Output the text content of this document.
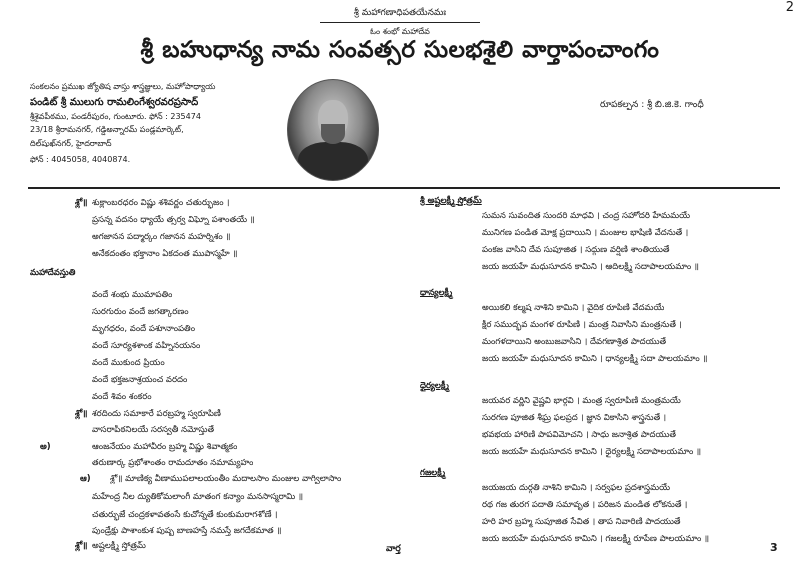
శ్రీ మహాగణాధిపతయేనమః
ఓం శంభో మహాదేవ
శ్రీ బహుధాన్య నామ సంవత్సర సులభశైలి వార్తాపంచాంగం
2
సంకలనం ప్రముఖ జ్యోతిష వాస్తు శాస్త్రజ్ఞులు, మహోపాధ్యాయ
పండిట్ శ్రీ ములుగు రామలింగేశ్వరవరప్రసాద్
శ్రీశైవపీఠము, పండరీపురం, గుంటూరు. ఫోన్ : 235474
23/18 శ్రీరామనగర్, గడ్డిఅన్నారమ్ పండ్లమార్కెట్,
దిల్‌షుఖ్‌నగర్, హైదరాబాద్
ఫోన్ : 4045058, 4040874.
రూపకల్పన : శ్రీ బి.జి.కె. గాంధీ
శ్లో॥ శుక్లాంబరధరం విష్ణు శశివర్ణం చతుర్భుజం ।
ప్రసన్న వదనం ధ్యాయే త్సర్వ విఘ్నో పశాంతయే ॥
అగజానన పద్మార్కం గజానన మహర్నిశం ॥
అనేకదంతం భక్తానాం ఏకదంత ముపాస్మహే ॥
మహాదేవస్తుతి
వందే శంభు ముమాపతిం
సురగురుం వందే జగత్కారణం
మృగధరం, వందే పశూనాంపతిం
వందే సూర్యశశాంక వహ్నినయనం
వందే ముకుంద ప్రియం
వందే భక్తజనాశ్రయంచ వరదం
వందే శివం శంకరం
శ్లో॥ శరదిందు సమాకారే పరబ్రహ్మ స్వరూపిణీ
వాసరాపీఠనిలయే సరస్వతీ నమోస్తుతే
అ)	ఆంజనేయం మహావీరం బ్రహ్మ విష్ణు శివాత్మకం
తరుణార్క ప్రభోశాంతం రామదూతం నమామ్యహం
ఆ) శ్లో॥ మాణిక్య వీణాముపలాలయంతీం మదాలసాం మంజుల వాగ్విలాసాం
మహేంద్ర నీల ద్యుతికోమలాంగీ మాతంగ కన్యాం మనసాస్మరామి ॥
చతుర్భుజే చంద్రకళావతంసే కుచోన్నతే కుంకుమరాగశోణే ।
పుండ్రేక్షు పాశాంకుశ పుష్ప బాణహస్తే నమస్తే జగదేకమాత ॥
శ్లో॥ అష్టలక్ష్మీ స్తోత్రమ్
శ్రీ అష్టలక్ష్మీ స్తోత్రమ్
సుమన సువందిత సుందరి మాధవి । చంద్ర సహోదరి హేమమయే
మునిగణ పండిత మోక్ష ప్రదాయిని । మంజుల భాషిణి వేదనుతే ।
పంకజ వాసిని దేవ సుపూజిత । సద్గుణ వర్షిణి శాంతియుతే
జయ జయహే మధుసూదన కామిని । ఆదిలక్ష్మీ సదాపాలయమాం ॥
ధాన్యలక్ష్మీ
అయికలి కల్మష నాశిని కామిని । వైదిక రూపిణి వేదమయే
క్షీర సముద్భవ మంగళ రూపిణి । మంత్ర నివాసిని మంత్రనుతే ।
మంగళదాయిని అంబుజవాసిని । దేవగణాశ్రిత పాదయుతే
జయ జయహే మధుసూదన కామిని । ధాన్యలక్ష్మీ సదా పాలయమాం ॥
ధైర్యలక్ష్మీ
జయవర వర్ణిని వైష్ణవి భార్గవి । మంత్ర స్వరూపిణి మంత్రమయే
సురగణ పూజిత శీఘ్ర ఫలప్రద । జ్ఞాన వికాసిని శాస్త్రనుతే ।
భవభయ హారిణి పాపవిమోచని । సాధు జనాశ్రిత పాదయుతే
జయ జయహే మధుసూదన కామిని । ధైర్యలక్ష్మీ సదాపాలయమాం ॥
గజలక్ష్మీ
జయజయ దుర్గతి నాశిని కామిని । సర్వఫల ప్రదశాస్త్రమయే
రథ గజ తురగ పదాతి సమావృత । పరిజన మండిత లోకనుతే ।
హరి హర బ్రహ్మ సుపూజిత సేవిత । తాప నివారిణి పాదయుతే
జయ జయహే మధుసూదన కామిని । గజలక్ష్మీ రూపేణ పాలయమాం ॥
వార్త	3
